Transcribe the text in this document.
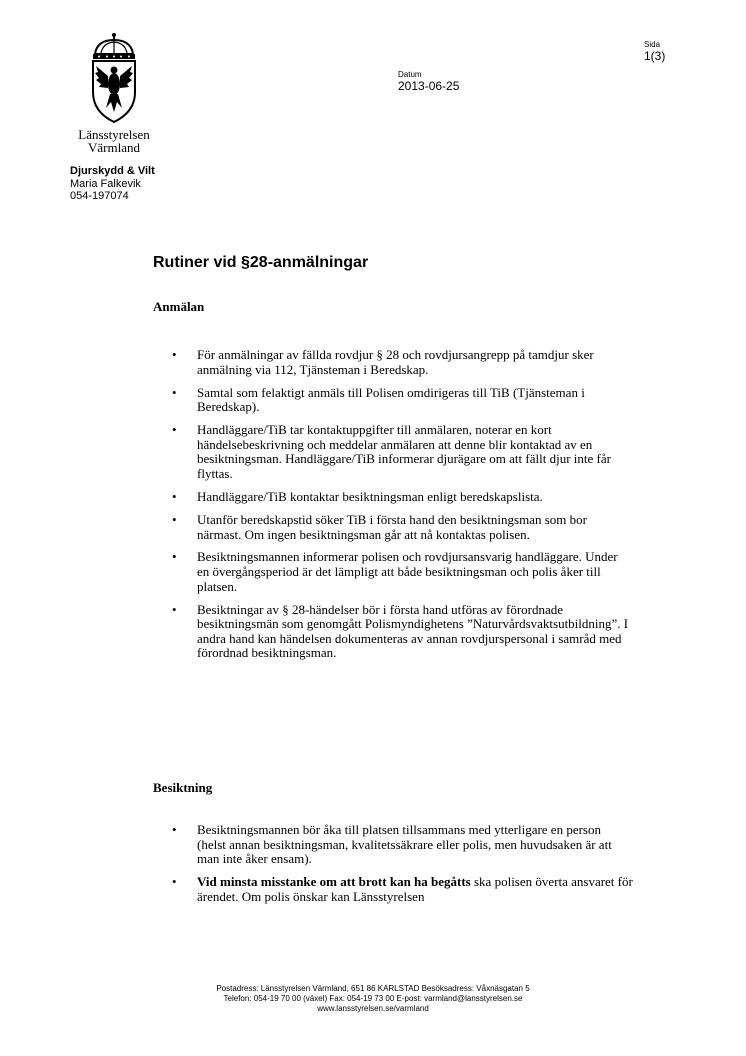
Länsstyrelsen
Värmland
Datum
2013-06-25
Sida
1(3)
Djurskydd & Vilt
Maria Falkevik
054-197074
Rutiner vid §28-anmälningar
Anmälan
• För anmälningar av fällda rovdjur § 28 och rovdjursangrepp på tamdjur sker anmälning via 112, Tjänsteman i Beredskap.
• Samtal som felaktigt anmäls till Polisen omdirigeras till TiB (Tjänsteman i Beredskap).
• Handläggare/TiB tar kontaktuppgifter till anmälaren, noterar en kort händelsebeskrivning och meddelar anmälaren att denne blir kontaktad av en besiktningsman. Handläggare/TiB informerar djurägare om att fällt djur inte får flyttas.
• Handläggare/TiB kontaktar besiktningsman enligt beredskapslista.
• Utanför beredskapstid söker TiB i första hand den besiktningsman som bor närmast. Om ingen besiktningsman går att nå kontaktas polisen.
• Besiktningsmannen informerar polisen och rovdjursansvarig handläggare. Under en övergångsperiod är det lämpligt att både besiktningsman och polis åker till platsen.
• Besiktningar av § 28-händelser bör i första hand utföras av förordnade besiktningsmän som genomgått Polismyndighetens ”Naturvårdsvaktsutbildning”. I andra hand kan händelsen dokumenteras av annan rovdjurspersonal i samråd med förordnad besiktningsman.
Besiktning
• Besiktningsmannen bör åka till platsen tillsammans med ytterligare en person (helst annan besiktningsman, kvalitetssäkrare eller polis, men huvudsaken är att man inte åker ensam).
• Vid minsta misstanke om att brott kan ha begåtts ska polisen överta ansvaret för ärendet. Om polis önskar kan Länsstyrelsen
Postadress: Länsstyrelsen Värmland, 651 86 KARLSTAD Besöksadress: Våxnäsgatan 5
Telefon: 054-19 70 00 (växel) Fax: 054-19 73 00 E-post: varmland@lansstyrelsen.se
www.lansstyrelsen.se/varmland
